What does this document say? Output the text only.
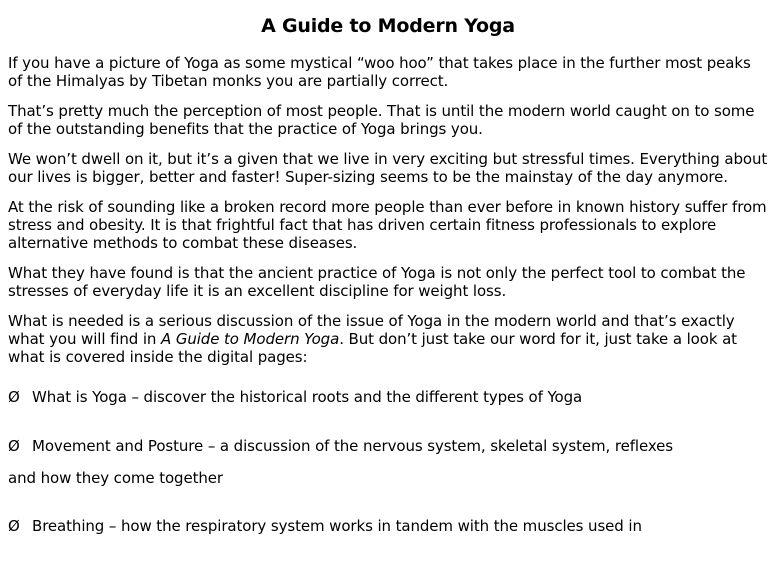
A Guide to Modern Yoga

If you have a picture of Yoga as some mystical “woo hoo” that takes place in the further most peaks of the Himalyas by Tibetan monks you are partially correct.

That’s pretty much the perception of most people. That is until the modern world caught on to some of the outstanding benefits that the practice of Yoga brings you.

We won’t dwell on it, but it’s a given that we live in very exciting but stressful times. Everything about our lives is bigger, better and faster! Super-sizing seems to be the mainstay of the day anymore.

At the risk of sounding like a broken record more people than ever before in known history suffer from stress and obesity. It is that frightful fact that has driven certain fitness professionals to explore alternative methods to combat these diseases.

What they have found is that the ancient practice of Yoga is not only the perfect tool to combat the stresses of everyday life it is an excellent discipline for weight loss.

What is needed is a serious discussion of the issue of Yoga in the modern world and that’s exactly what you will find in A Guide to Modern Yoga. But don’t just take our word for it, just take a look at what is covered inside the digital pages:

Ø What is Yoga – discover the historical roots and the different types of Yoga

Ø Movement and Posture – a discussion of the nervous system, skeletal system, reflexes

and how they come together

Ø Breathing – how the respiratory system works in tandem with the muscles used in
